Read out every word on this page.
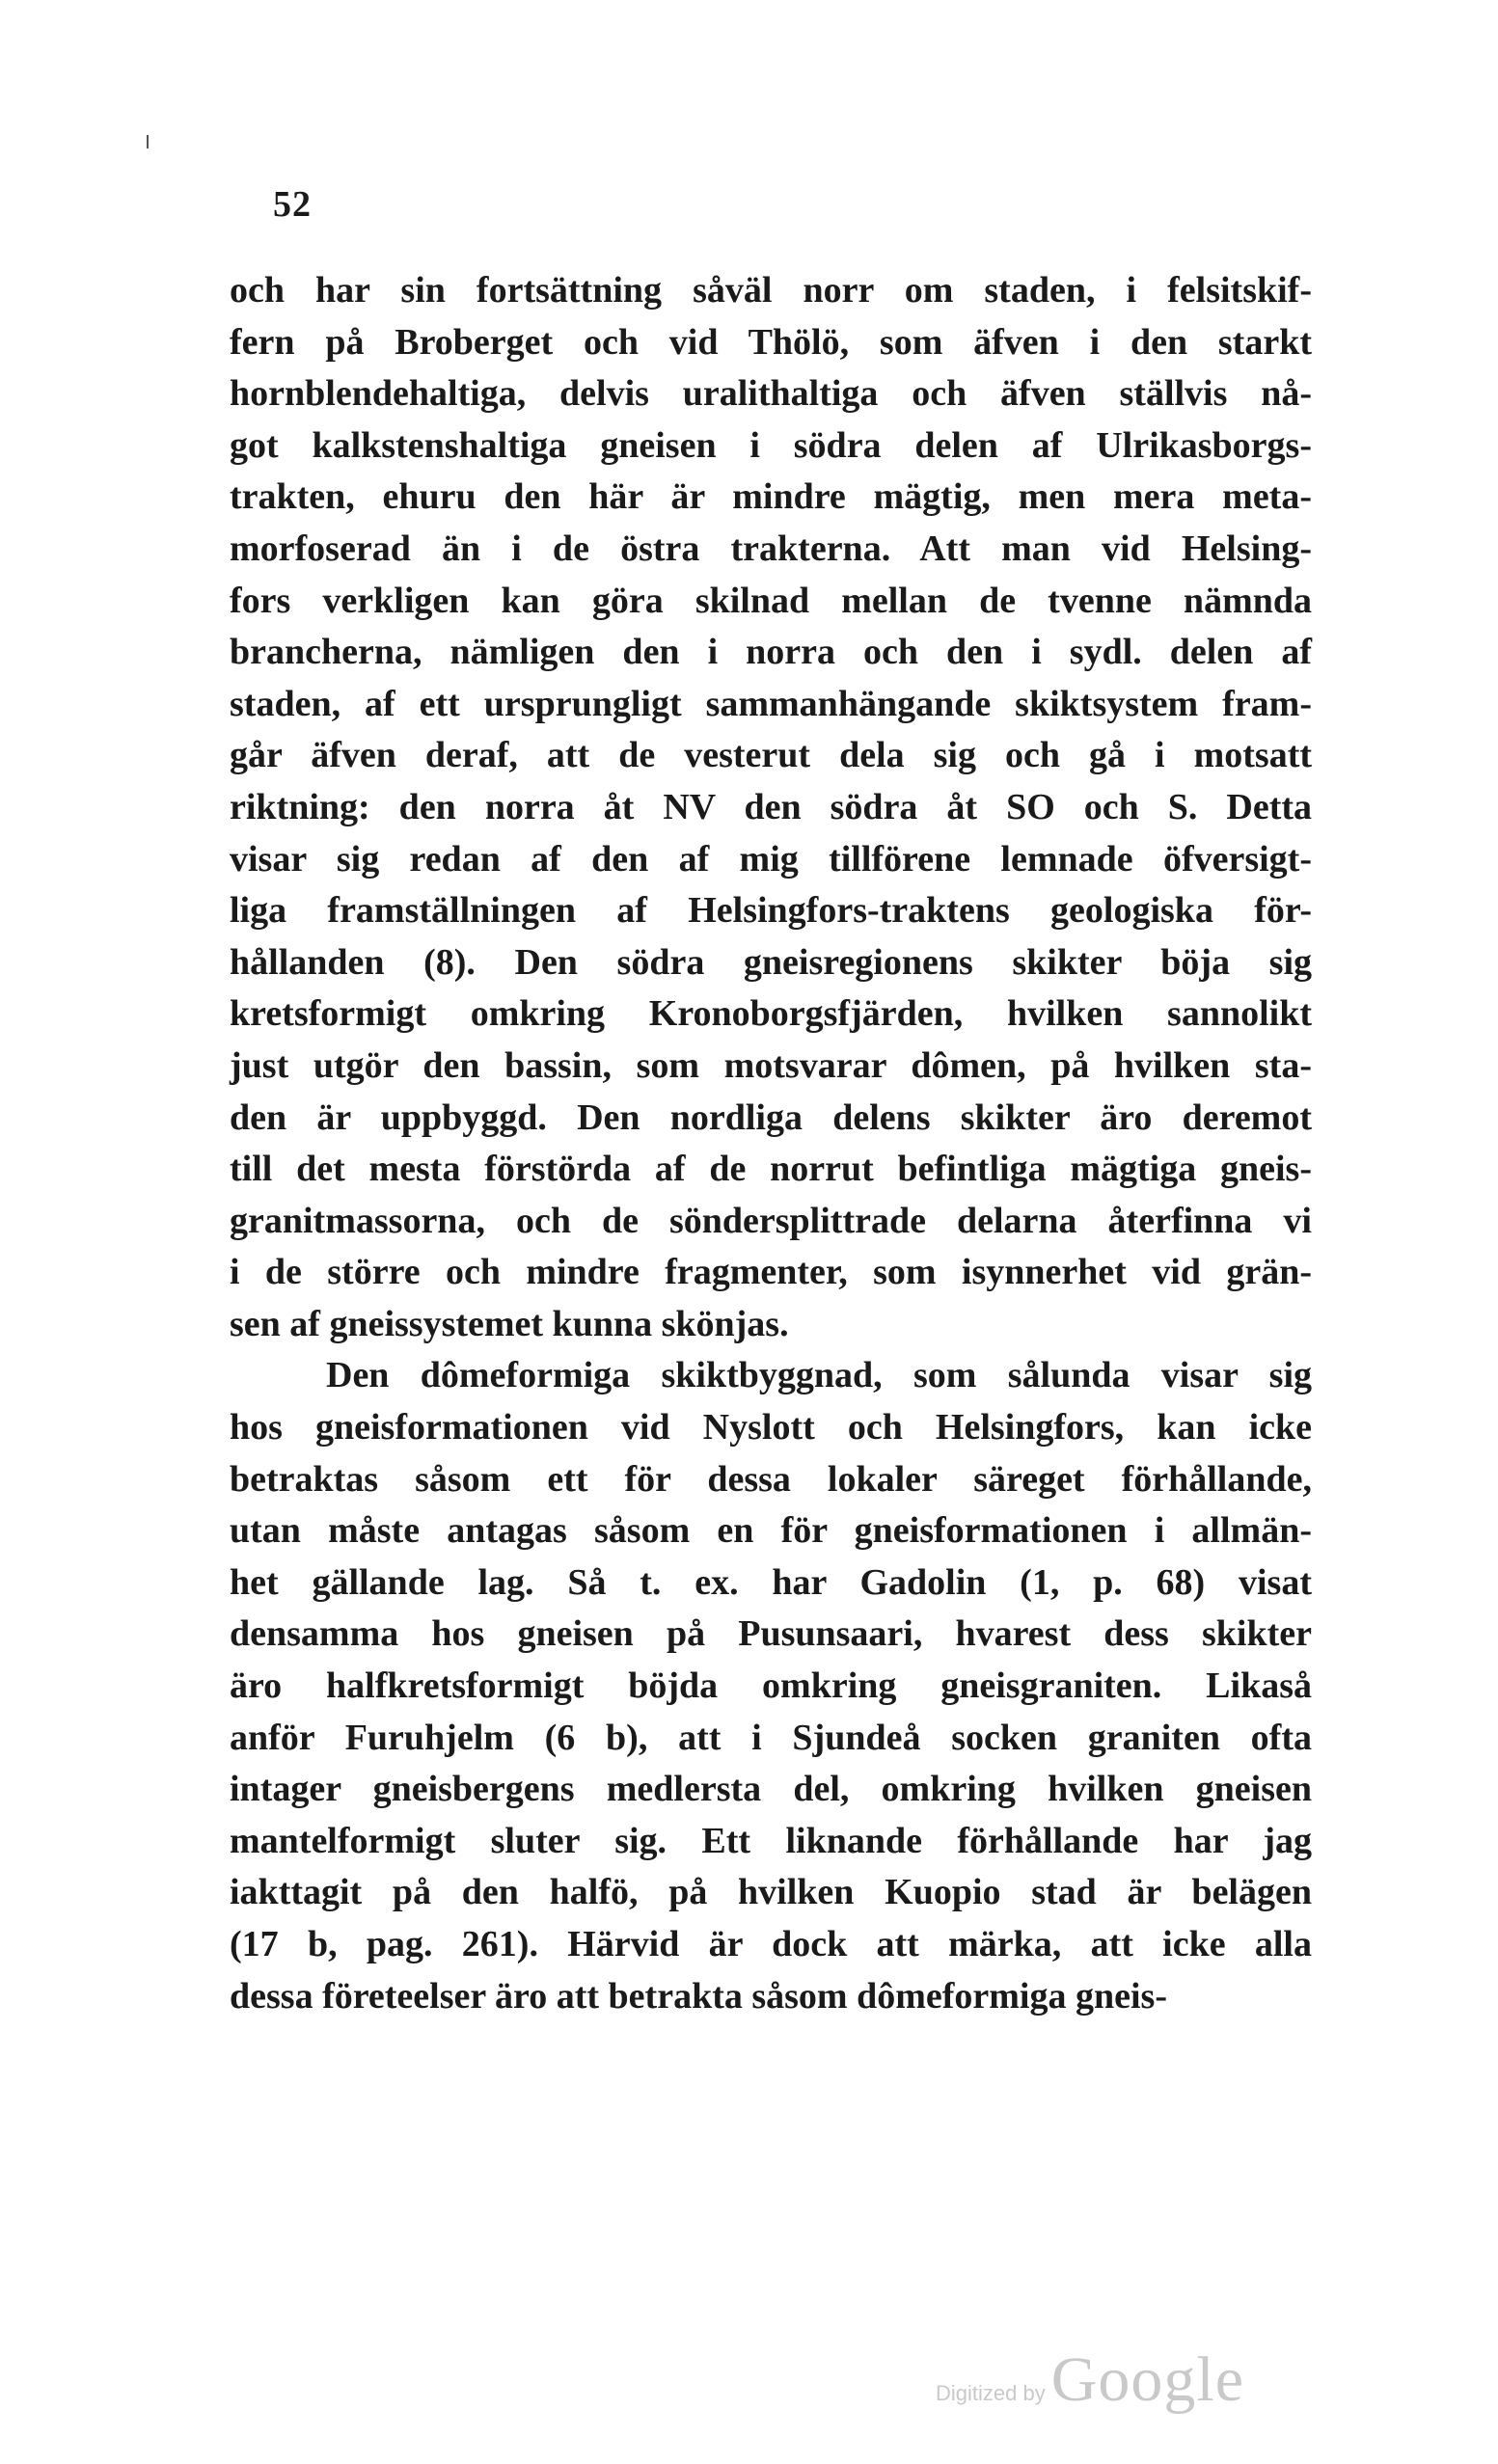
52
och har sin fortsättning såväl norr om staden, i felsitskif-
fern på Broberget och vid Thölö, som äfven i den starkt
hornblendehaltiga, delvis uralithaltiga och äfven ställvis nå-
got kalkstenshaltiga gneisen i södra delen af Ulrikasborgs-
trakten, ehuru den här är mindre mägtig, men mera meta-
morfoserad än i de östra trakterna. Att man vid Helsing-
fors verkligen kan göra skilnad mellan de tvenne nämnda
brancherna, nämligen den i norra och den i sydl. delen af
staden, af ett ursprungligt sammanhängande skiktsystem fram-
går äfven deraf, att de vesterut dela sig och gå i motsatt
riktning: den norra åt NV den södra åt SO och S. Detta
visar sig redan af den af mig tillförene lemnade öfversigt-
liga framställningen af Helsingfors-traktens geologiska för-
hållanden (8). Den södra gneisregionens skikter böja sig
kretsformigt omkring Kronoborgsfjärden, hvilken sannolikt
just utgör den bassin, som motsvarar dômen, på hvilken sta-
den är uppbyggd. Den nordliga delens skikter äro deremot
till det mesta förstörda af de norrut befintliga mägtiga gneis-
granitmassorna, och de söndersplittrade delarna återfinna vi
i de större och mindre fragmenter, som isynnerhet vid grän-
sen af gneissystemet kunna skönjas.
Den dômeformiga skiktbyggnad, som sålunda visar sig
hos gneisformationen vid Nyslott och Helsingfors, kan icke
betraktas såsom ett för dessa lokaler säreget förhållande,
utan måste antagas såsom en för gneisformationen i allmän-
het gällande lag. Så t. ex. har Gadolin (1, p. 68) visat
densamma hos gneisen på Pusunsaari, hvarest dess skikter
äro halfkretsformigt böjda omkring gneisgraniten. Likaså
anför Furuhjelm (6 b), att i Sjundeå socken graniten ofta
intager gneisbergens medlersta del, omkring hvilken gneisen
mantelformigt sluter sig. Ett liknande förhållande har jag
iakttagit på den halfö, på hvilken Kuopio stad är belägen
(17 b, pag. 261). Härvid är dock att märka, att icke alla
dessa företeelser äro att betrakta såsom dômeformiga gneis-
Digitized by Google
